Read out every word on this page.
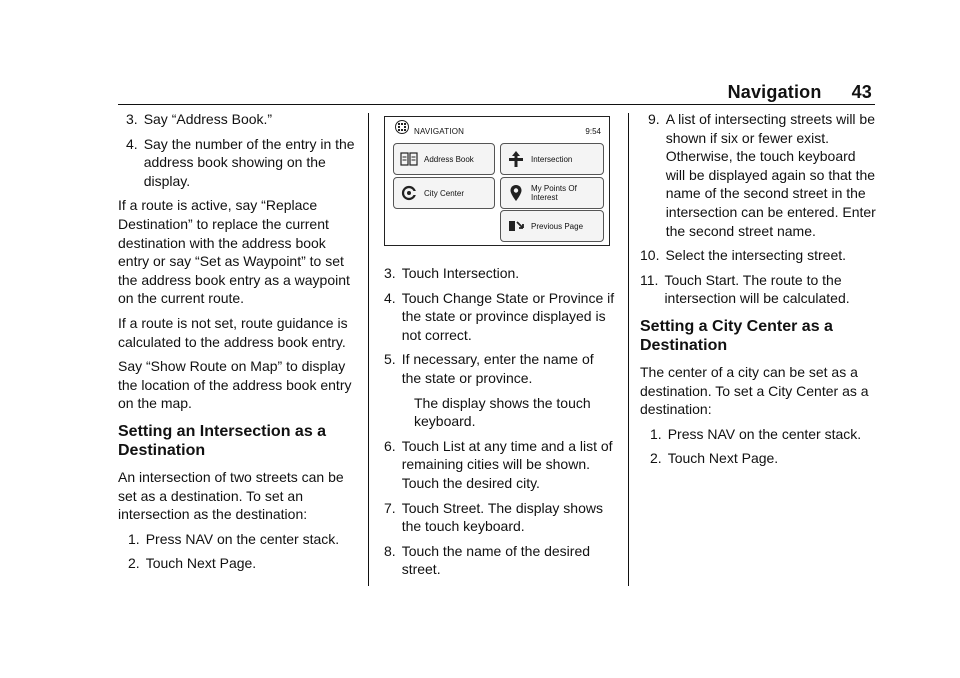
Navigation 43
3. Say “Address Book.”
4. Say the number of the entry in the address book showing on the display.

If a route is active, say “Replace Destination” to replace the current destination with the address book entry or say “Set as Waypoint” to set the address book entry as a waypoint on the current route.

If a route is not set, route guidance is calculated to the address book entry.

Say “Show Route on Map” to display the location of the address book entry on the map.

Setting an Intersection as a Destination

An intersection of two streets can be set as a destination. To set an intersection as the destination:

1. Press NAV on the center stack.
2. Touch Next Page.
NAVIGATION	9:54
Address Book	Intersection
City Center	My Points Of
Interest
Previous Page
3. Touch Intersection.
4. Touch Change State or Province if the state or province displayed is not correct.
5. If necessary, enter the name of the state or province.

The display shows the touch keyboard.

6. Touch List at any time and a list of remaining cities will be shown. Touch the desired city.
7. Touch Street. The display shows the touch keyboard.
8. Touch the name of the desired street.
9. A list of intersecting streets will be shown if six or fewer exist. Otherwise, the touch keyboard will be displayed again so that the name of the second street in the intersection can be entered. Enter the second street name.
10. Select the intersecting street.
11. Touch Start. The route to the intersection will be calculated.
Setting a City Center as a Destination

The center of a city can be set as a destination. To set a City Center as a destination:

1. Press NAV on the center stack.
2. Touch Next Page.
